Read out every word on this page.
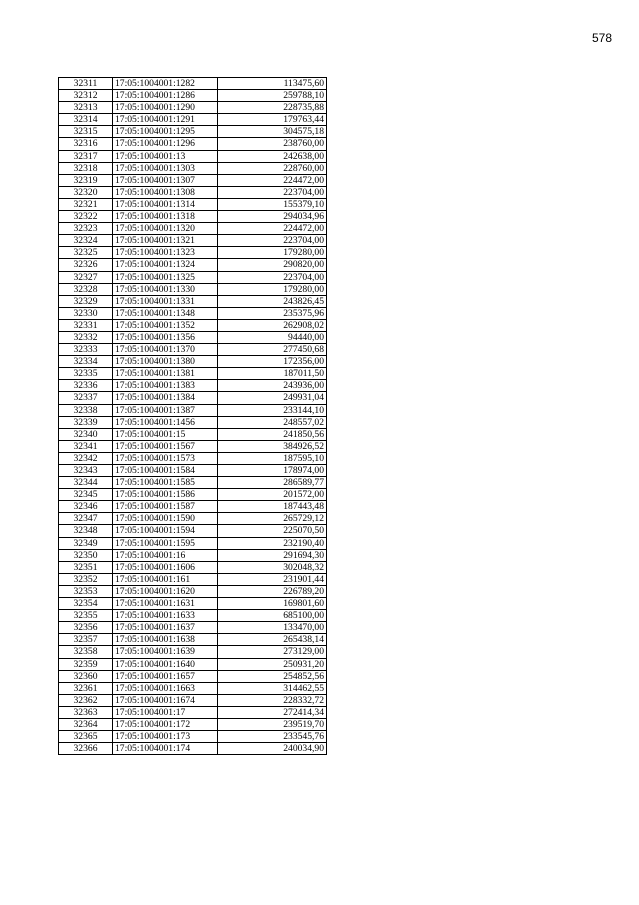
578
32311	17:05:1004001:1282	113475,60
32312	17:05:1004001:1286	259788,10
32313	17:05:1004001:1290	228735,88
32314	17:05:1004001:1291	179763,44
32315	17:05:1004001:1295	304575,18
32316	17:05:1004001:1296	238760,00
32317	17:05:1004001:13	242638,00
32318	17:05:1004001:1303	228760,00
32319	17:05:1004001:1307	224472,00
32320	17:05:1004001:1308	223704,00
32321	17:05:1004001:1314	155379,10
32322	17:05:1004001:1318	294034,96
32323	17:05:1004001:1320	224472,00
32324	17:05:1004001:1321	223704,00
32325	17:05:1004001:1323	179280,00
32326	17:05:1004001:1324	290820,00
32327	17:05:1004001:1325	223704,00
32328	17:05:1004001:1330	179280,00
32329	17:05:1004001:1331	243826,45
32330	17:05:1004001:1348	235375,96
32331	17:05:1004001:1352	262908,02
32332	17:05:1004001:1356	94440,00
32333	17:05:1004001:1370	277450,68
32334	17:05:1004001:1380	172356,00
32335	17:05:1004001:1381	187011,50
32336	17:05:1004001:1383	243936,00
32337	17:05:1004001:1384	249931,04
32338	17:05:1004001:1387	233144,10
32339	17:05:1004001:1456	248557,02
32340	17:05:1004001:15	241850,56
32341	17:05:1004001:1567	384926,52
32342	17:05:1004001:1573	187595,10
32343	17:05:1004001:1584	178974,00
32344	17:05:1004001:1585	286589,77
32345	17:05:1004001:1586	201572,00
32346	17:05:1004001:1587	187443,48
32347	17:05:1004001:1590	265729,12
32348	17:05:1004001:1594	225070,50
32349	17:05:1004001:1595	232190,40
32350	17:05:1004001:16	291694,30
32351	17:05:1004001:1606	302048,32
32352	17:05:1004001:161	231901,44
32353	17:05:1004001:1620	226789,20
32354	17:05:1004001:1631	169801,60
32355	17:05:1004001:1633	685100,00
32356	17:05:1004001:1637	133470,00
32357	17:05:1004001:1638	265438,14
32358	17:05:1004001:1639	273129,00
32359	17:05:1004001:1640	250931,20
32360	17:05:1004001:1657	254852,56
32361	17:05:1004001:1663	314462,55
32362	17:05:1004001:1674	228332,72
32363	17:05:1004001:17	272414,34
32364	17:05:1004001:172	239519,70
32365	17:05:1004001:173	233545,76
32366	17:05:1004001:174	240034,90
